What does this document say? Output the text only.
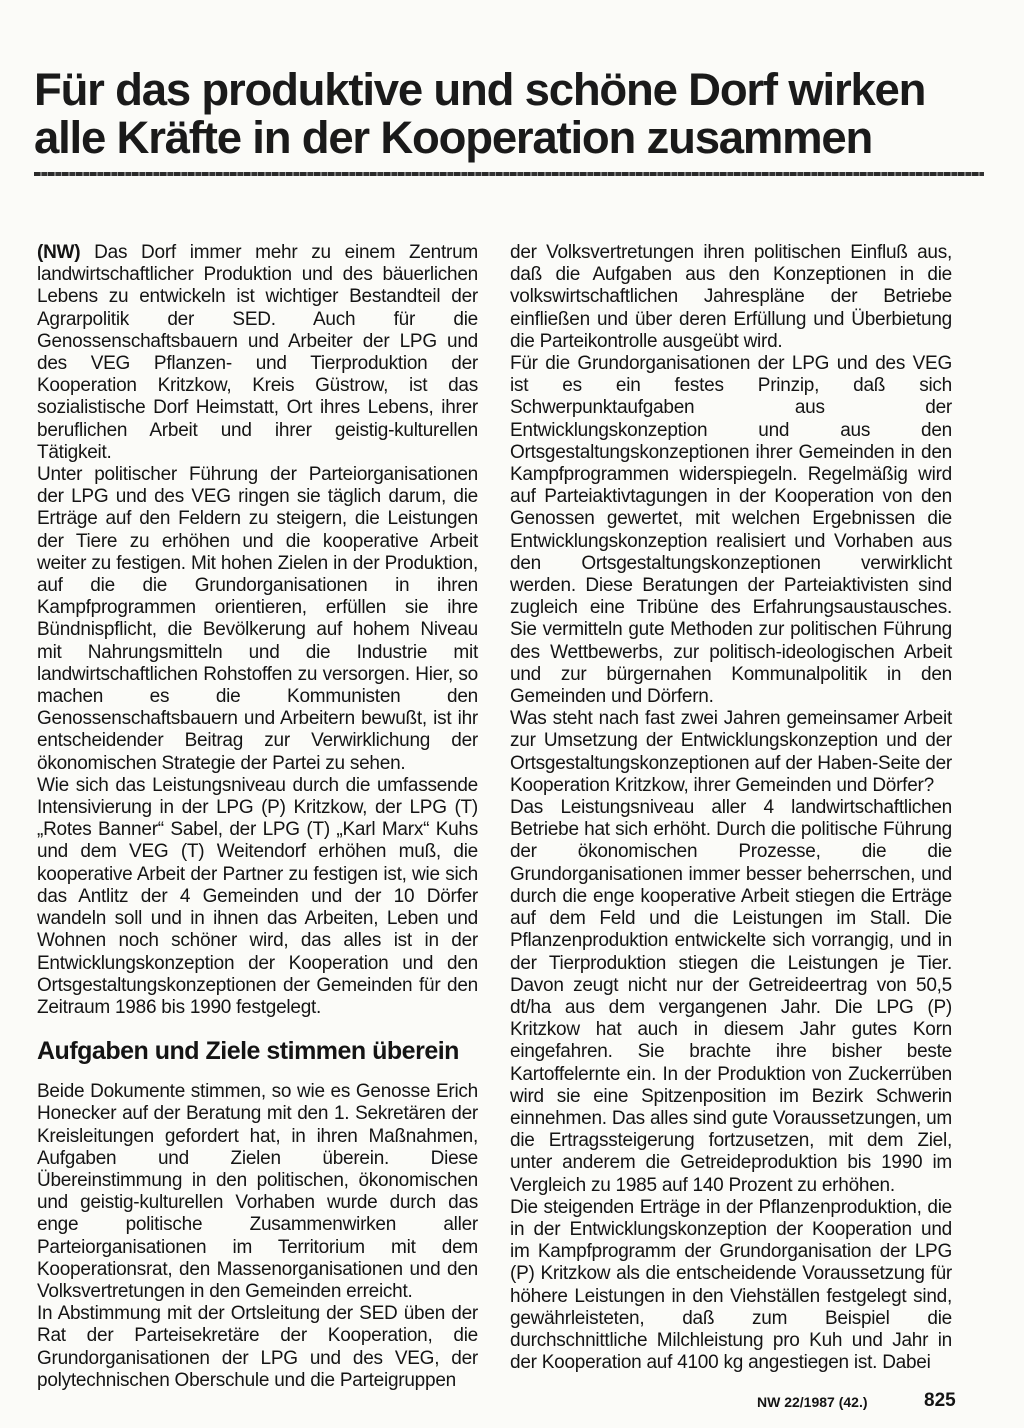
Für das produktive und schöne Dorf wirken
alle Kräfte in der Kooperation zusammen

(NW) Das Dorf immer mehr zu einem Zentrum landwirtschaftlicher Produktion und des bäuerlichen Lebens zu entwickeln ist wichtiger Bestandteil der Agrarpolitik der SED. Auch für die Genossenschaftsbauern und Arbeiter der LPG und des VEG Pflanzen- und Tierproduktion der Kooperation Kritzkow, Kreis Güstrow, ist das sozialistische Dorf Heimstatt, Ort ihres Lebens, ihrer beruflichen Arbeit und ihrer geistig-kulturellen Tätigkeit.

Unter politischer Führung der Parteiorganisationen der LPG und des VEG ringen sie täglich darum, die Erträge auf den Feldern zu steigern, die Leistungen der Tiere zu erhöhen und die kooperative Arbeit weiter zu festigen. Mit hohen Zielen in der Produktion, auf die die Grundorganisationen in ihren Kampfprogrammen orientieren, erfüllen sie ihre Bündnispflicht, die Bevölkerung auf hohem Niveau mit Nahrungsmitteln und die Industrie mit landwirtschaftlichen Rohstoffen zu versorgen. Hier, so machen es die Kommunisten den Genossenschaftsbauern und Arbeitern bewußt, ist ihr entscheidender Beitrag zur Verwirklichung der ökonomischen Strategie der Partei zu sehen.

Wie sich das Leistungsniveau durch die umfassende Intensivierung in der LPG (P) Kritzkow, der LPG (T) „Rotes Banner“ Sabel, der LPG (T) „Karl Marx“ Kuhs und dem VEG (T) Weitendorf erhöhen muß, die kooperative Arbeit der Partner zu festigen ist, wie sich das Antlitz der 4 Gemeinden und der 10 Dörfer wandeln soll und in ihnen das Arbeiten, Leben und Wohnen noch schöner wird, das alles ist in der Entwicklungskonzeption der Kooperation und den Ortsgestaltungskonzeptionen der Gemeinden für den Zeitraum 1986 bis 1990 festgelegt.

Aufgaben und Ziele stimmen überein

Beide Dokumente stimmen, so wie es Genosse Erich Honecker auf der Beratung mit den 1. Sekretären der Kreisleitungen gefordert hat, in ihren Maßnahmen, Aufgaben und Zielen überein. Diese Übereinstimmung in den politischen, ökonomischen und geistig-kulturellen Vorhaben wurde durch das enge politische Zusammenwirken aller Parteiorganisationen im Territorium mit dem Kooperationsrat, den Massenorganisationen und den Volksvertretungen in den Gemeinden erreicht.

In Abstimmung mit der Ortsleitung der SED üben der Rat der Parteisekretäre der Kooperation, die Grundorganisationen der LPG und des VEG, der polytechnischen Oberschule und die Parteigruppen

der Volksvertretungen ihren politischen Einfluß aus, daß die Aufgaben aus den Konzeptionen in die volkswirtschaftlichen Jahrespläne der Betriebe einfließen und über deren Erfüllung und Überbietung die Parteikontrolle ausgeübt wird.

Für die Grundorganisationen der LPG und des VEG ist es ein festes Prinzip, daß sich Schwerpunktaufgaben aus der Entwicklungskonzeption und aus den Ortsgestaltungskonzeptionen ihrer Gemeinden in den Kampfprogrammen widerspiegeln. Regelmäßig wird auf Parteiaktivtagungen in der Kooperation von den Genossen gewertet, mit welchen Ergebnissen die Entwicklungskonzeption realisiert und Vorhaben aus den Ortsgestaltungskonzeptionen verwirklicht werden. Diese Beratungen der Parteiaktivisten sind zugleich eine Tribüne des Erfahrungsaustausches. Sie vermitteln gute Methoden zur politischen Führung des Wettbewerbs, zur politisch-ideologischen Arbeit und zur bürgernahen Kommunalpolitik in den Gemeinden und Dörfern.

Was steht nach fast zwei Jahren gemeinsamer Arbeit zur Umsetzung der Entwicklungskonzeption und der Ortsgestaltungskonzeptionen auf der Haben-Seite der Kooperation Kritzkow, ihrer Gemeinden und Dörfer?

Das Leistungsniveau aller 4 landwirtschaftlichen Betriebe hat sich erhöht. Durch die politische Führung der ökonomischen Prozesse, die die Grundorganisationen immer besser beherrschen, und durch die enge kooperative Arbeit stiegen die Erträge auf dem Feld und die Leistungen im Stall. Die Pflanzenproduktion entwickelte sich vorrangig, und in der Tierproduktion stiegen die Leistungen je Tier. Davon zeugt nicht nur der Getreideertrag von 50,5 dt/ha aus dem vergangenen Jahr. Die LPG (P) Kritzkow hat auch in diesem Jahr gutes Korn eingefahren. Sie brachte ihre bisher beste Kartoffelernte ein. In der Produktion von Zuckerrüben wird sie eine Spitzenposition im Bezirk Schwerin einnehmen. Das alles sind gute Voraussetzungen, um die Ertragssteigerung fortzusetzen, mit dem Ziel, unter anderem die Getreideproduktion bis 1990 im Vergleich zu 1985 auf 140 Prozent zu erhöhen.

Die steigenden Erträge in der Pflanzenproduktion, die in der Entwicklungskonzeption der Kooperation und im Kampfprogramm der Grundorganisation der LPG (P) Kritzkow als die entscheidende Voraussetzung für höhere Leistungen in den Viehställen festgelegt sind, gewährleisteten, daß zum Beispiel die durchschnittliche Milchleistung pro Kuh und Jahr in der Kooperation auf 4100 kg angestiegen ist. Dabei

NW 22/1987 (42.)	825
